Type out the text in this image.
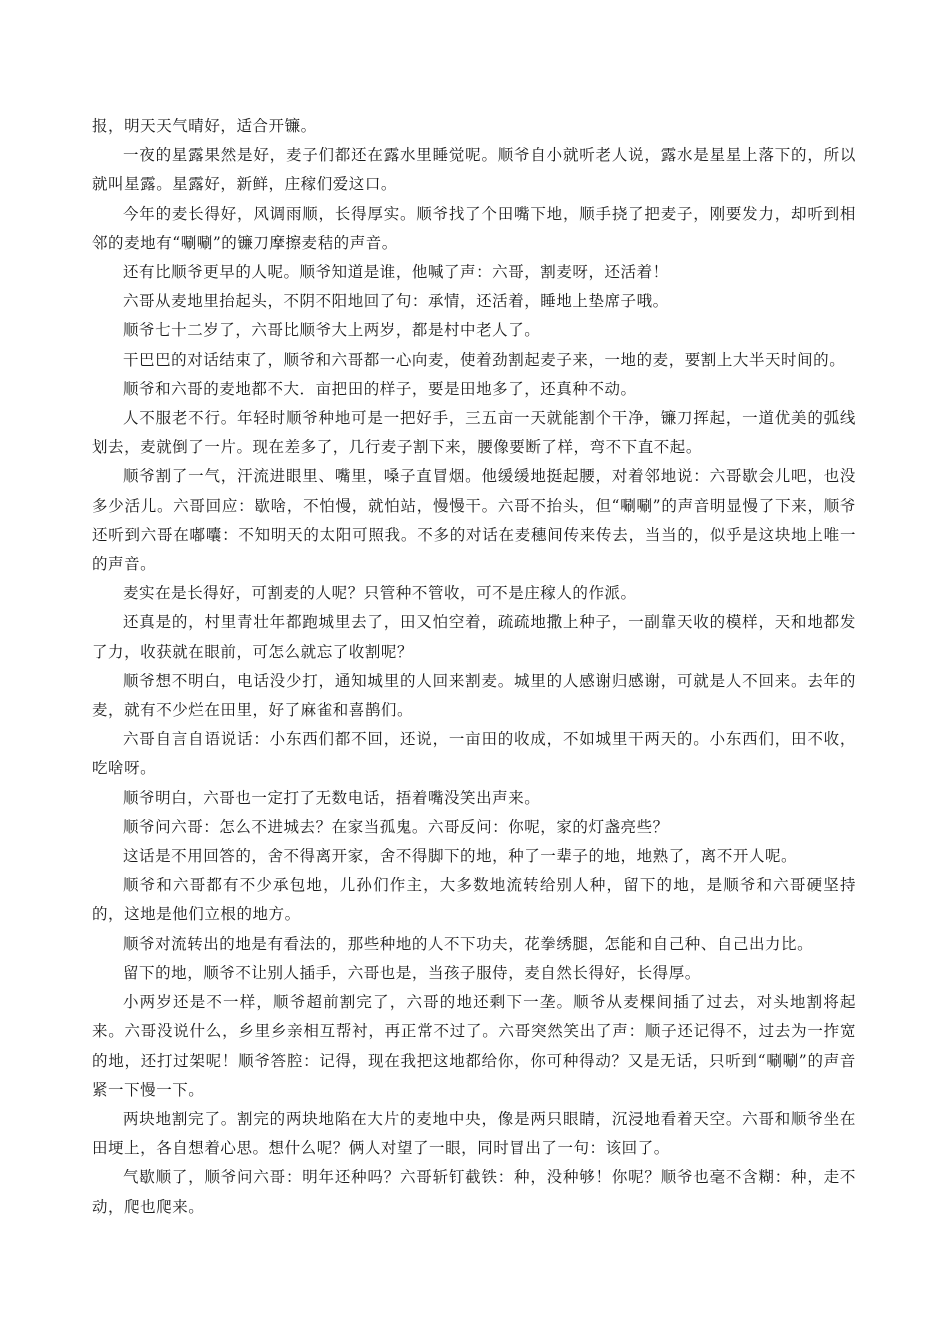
报，明天天气晴好，适合开镰。

一夜的星露果然是好，麦子们都还在露水里睡觉呢。顺爷自小就听老人说，露水是星星上落下的，所以就叫星露。星露好，新鲜，庄稼们爱这口。

今年的麦长得好，风调雨顺，长得厚实。顺爷找了个田嘴下地，顺手挠了把麦子，刚要发力，却听到相邻的麦地有“唰唰”的镰刀摩擦麦秸的声音。

还有比顺爷更早的人呢。顺爷知道是谁，他喊了声：六哥，割麦呀，还活着！

六哥从麦地里抬起头，不阴不阳地回了句：承情，还活着，睡地上垫席子哦。

顺爷七十二岁了，六哥比顺爷大上两岁，都是村中老人了。

干巴巴的对话结束了，顺爷和六哥都一心向麦，使着劲割起麦子来，一地的麦，要割上大半天时间的。

顺爷和六哥的麦地都不大．亩把田的样子，要是田地多了，还真种不动。

人不服老不行。年轻时顺爷种地可是一把好手，三五亩一天就能割个干净，镰刀挥起，一道优美的弧线划去，麦就倒了一片。现在差多了，几行麦子割下来，腰像要断了样，弯不下直不起。

顺爷割了一气，汗流进眼里、嘴里，嗓子直冒烟。他缓缓地挺起腰，对着邻地说：六哥歇会儿吧，也没多少活儿。六哥回应：歇啥，不怕慢，就怕站，慢慢干。六哥不抬头，但“唰唰”的声音明显慢了下来，顺爷还听到六哥在嘟囔：不知明天的太阳可照我。不多的对话在麦穗间传来传去，当当的，似乎是这块地上唯一的声音。

麦实在是长得好，可割麦的人呢？只管种不管收，可不是庄稼人的作派。

还真是的，村里青壮年都跑城里去了，田又怕空着，疏疏地撒上种子，一副靠天收的模样，天和地都发了力，收获就在眼前，可怎么就忘了收割呢？

顺爷想不明白，电话没少打，通知城里的人回来割麦。城里的人感谢归感谢，可就是人不回来。去年的麦，就有不少烂在田里，好了麻雀和喜鹊们。

六哥自言自语说话：小东西们都不回，还说，一亩田的收成，不如城里干两天的。小东西们，田不收，吃啥呀。

顺爷明白，六哥也一定打了无数电话，捂着嘴没笑出声来。

顺爷问六哥：怎么不进城去？在家当孤鬼。六哥反问：你呢，家的灯盏亮些？

这话是不用回答的，舍不得离开家，舍不得脚下的地，种了一辈子的地，地熟了，离不开人呢。

顺爷和六哥都有不少承包地，儿孙们作主，大多数地流转给别人种，留下的地，是顺爷和六哥硬坚持的，这地是他们立根的地方。

顺爷对流转出的地是有看法的，那些种地的人不下功夫，花拳绣腿，怎能和自己种、自己出力比。

留下的地，顺爷不让别人插手，六哥也是，当孩子服侍，麦自然长得好，长得厚。

小两岁还是不一样，顺爷超前割完了，六哥的地还剩下一垄。顺爷从麦棵间插了过去，对头地割将起来。六哥没说什么，乡里乡亲相互帮衬，再正常不过了。六哥突然笑出了声：顺子还记得不，过去为一拃宽的地，还打过架呢！顺爷答腔：记得，现在我把这地都给你，你可种得动？又是无话，只听到“唰唰”的声音紧一下慢一下。

两块地割完了。割完的两块地陷在大片的麦地中央，像是两只眼睛，沉浸地看着天空。六哥和顺爷坐在田埂上，各自想着心思。想什么呢？俩人对望了一眼，同时冒出了一句：该回了。

气歇顺了，顺爷问六哥：明年还种吗？六哥斩钉截铁：种，没种够！你呢？顺爷也毫不含糊：种，走不动，爬也爬来。
